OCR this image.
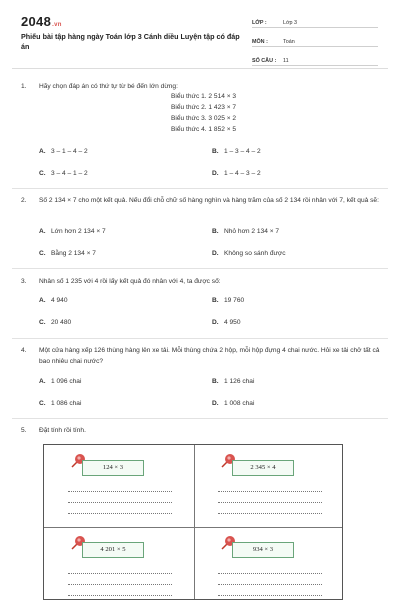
2048.vn
Phiếu bài tập hàng ngày Toán lớp 3 Cánh diều Luyện tập có đáp án
LỚP :	Lớp 3
MÔN :	Toán
SỐ CÂU :	11
1. Hãy chọn đáp án có thứ tự từ bé đến lớn dừng:
Biểu thức 1. 2 514 × 3
Biểu thức 2. 1 423 × 7
Biểu thức 3. 3 025 × 2
Biểu thức 4. 1 852 × 5
A. 3 – 1 – 4 – 2	B. 1 – 3 – 4 – 2
C. 3 – 4 – 1 – 2	D. 1 – 4 – 3 – 2
2. Số 2 134 × 7 cho một kết quả. Nếu đổi chỗ chữ số hàng nghìn và hàng trăm của số 2 134 rồi nhân với 7, kết quả sẽ:
A. Lớn hơn 2 134 × 7	B. Nhỏ hơn 2 134 × 7
C. Bằng 2 134 × 7	D. Không so sánh được
3. Nhân số 1 235 với 4 rồi lấy kết quả đó nhân với 4, ta được số:
A. 4 940	B. 19 760
C. 20 480	D. 4 950
4. Một cửa hàng xếp 126 thùng hàng lên xe tải. Mỗi thùng chứa 2 hộp, mỗi hộp đựng 4 chai nước. Hỏi xe tải chở tất cả bao nhiêu chai nước?
A. 1 096 chai	B. 1 126 chai
C. 1 086 chai	D. 1 008 chai
5. Đặt tính rồi tính.
124 × 3	2 345 × 4
4 201 × 5	934 × 3
